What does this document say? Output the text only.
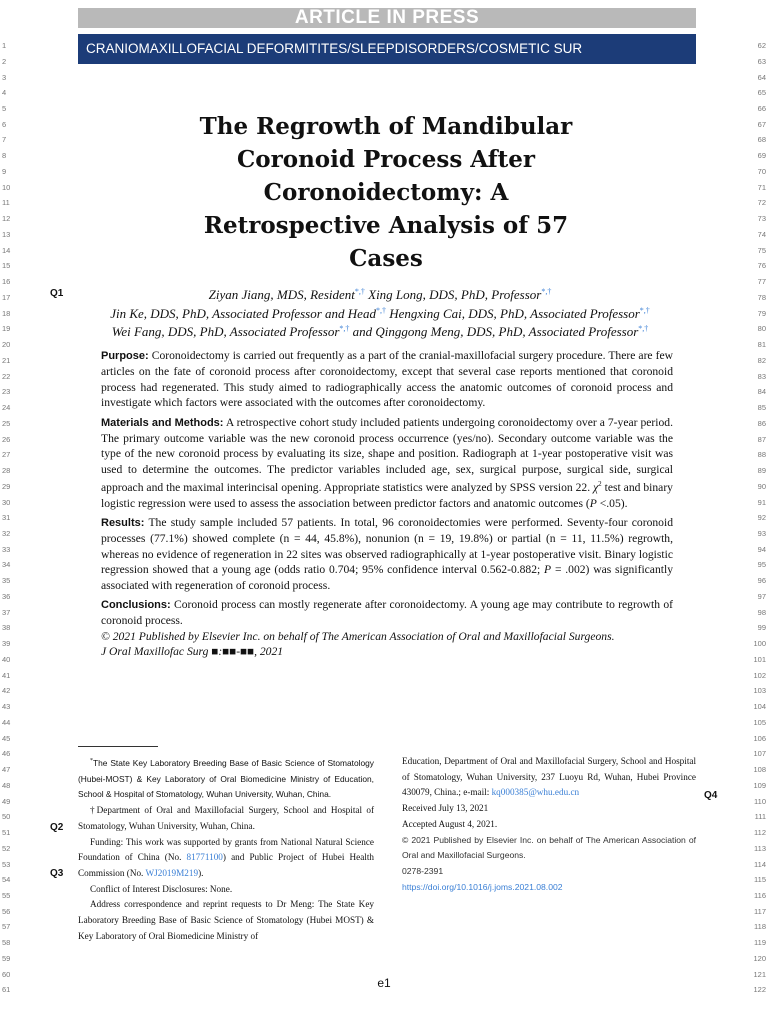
ARTICLE IN PRESS
CRANIOMAXILLOFACIAL DEFORMITITES/SLEEPDISORDERS/COSMETIC SUR
1
2
3
4
5
6
7
8
9
10
11
12
13
14
15
16
17
18
19
20
21
22
23
24
25
26
27
28
29
30
31
32
33
34
35
36
37
38
39
40
41
42
43
44
45
46
47
48
49
50
51
52
53
54
55
56
57
58
59
60
61
62
63
64
65
66
67
68
69
70
71
72
73
74
75
76
77
78
79
80
81
82
83
84
85
86
87
88
89
90
91
92
93
94
95
96
97
98
99
100
101
102
103
104
105
106
107
108
109
110
111
112
113
114
115
116
117
118
119
120
121
122
The Regrowth of Mandibular
Coronoid Process After
Coronoidectomy: A
Retrospective Analysis of 57
Cases
Q1
Q2
Q3
Q4
Ziyan Jiang, MDS, Resident*,† Xing Long, DDS, PhD, Professor*,†
Jin Ke, DDS, PhD, Associated Professor and Head*,† Hengxing Cai, DDS, PhD, Associated Professor*,†
Wei Fang, DDS, PhD, Associated Professor*,† and Qinggong Meng, DDS, PhD, Associated Professor*,†

Purpose: Coronoidectomy is carried out frequently as a part of the cranial-maxillofacial surgery procedure. There are few articles on the fate of coronoid process after coronoidectomy, except that several case reports mentioned that coronoid process had regenerated. This study aimed to radiographically access the anatomic outcomes of coronoid process and investigate which factors were associated with the outcomes after coronoidectomy.

Materials and Methods: A retrospective cohort study included patients undergoing coronoidectomy over a 7-year period. The primary outcome variable was the new coronoid process occurrence (yes/no). Secondary outcome variable was the type of the new coronoid process by evaluating its size, shape and position. Radiograph at 1-year postoperative visit was used to determine the outcomes. The predictor variables included age, sex, surgical purpose, surgical side, surgical approach and the maximal interincisal opening. Appropriate statistics were analyzed by SPSS version 22. $\chi^2$ test and binary logistic regression were used to assess the association between predictor factors and anatomic outcomes (P <.05).

Results: The study sample included 57 patients. In total, 96 coronoidectomies were performed. Seventy-four coronoid processes (77.1%) showed complete (n = 44, 45.8%), nonunion (n = 19, 19.8%) or partial (n = 11, 11.5%) regrowth, whereas no evidence of regeneration in 22 sites was observed radiographically at 1-year postoperative visit. Binary logistic regression showed that a young age (odds ratio 0.704; 95% confidence interval 0.562-0.882; P = .002) was significantly associated with regeneration of coronoid process.

Conclusions: Coronoid process can mostly regenerate after coronoidectomy. A young age may contribute to regrowth of coronoid process.

© 2021 Published by Elsevier Inc. on behalf of The American Association of Oral and Maxillofacial Surgeons.
J Oral Maxillofac Surg ■:■■-■■, 2021
*The State Key Laboratory Breeding Base of Basic Science of Stomatology (Hubei-MOST) & Key Laboratory of Oral Biomedicine Ministry of Education, School & Hospital of Stomatology, Wuhan University, Wuhan, China.
†Department of Oral and Maxillofacial Surgery, School and Hospital of Stomatology, Wuhan University, Wuhan, China.
Funding: This work was supported by grants from National Natural Science Foundation of China (No. 81771100) and Public Project of Hubei Health Commission (No. WJ2019M219).
Conflict of Interest Disclosures: None.
Address correspondence and reprint requests to Dr Meng: The State Key Laboratory Breeding Base of Basic Science of Stomatology (Hubei MOST) & Key Laboratory of Oral Biomedicine Ministry of
Education, Department of Oral and Maxillofacial Surgery, School and Hospital of Stomatology, Wuhan University, 237 Luoyu Rd, Wuhan, Hubei Province 430079, China.; e-mail: kq000385@whu.edu.cn
Received July 13, 2021
Accepted August 4, 2021.
© 2021 Published by Elsevier Inc. on behalf of The American Association of Oral and Maxillofacial Surgeons.
0278-2391
https://doi.org/10.1016/j.joms.2021.08.002
e1
